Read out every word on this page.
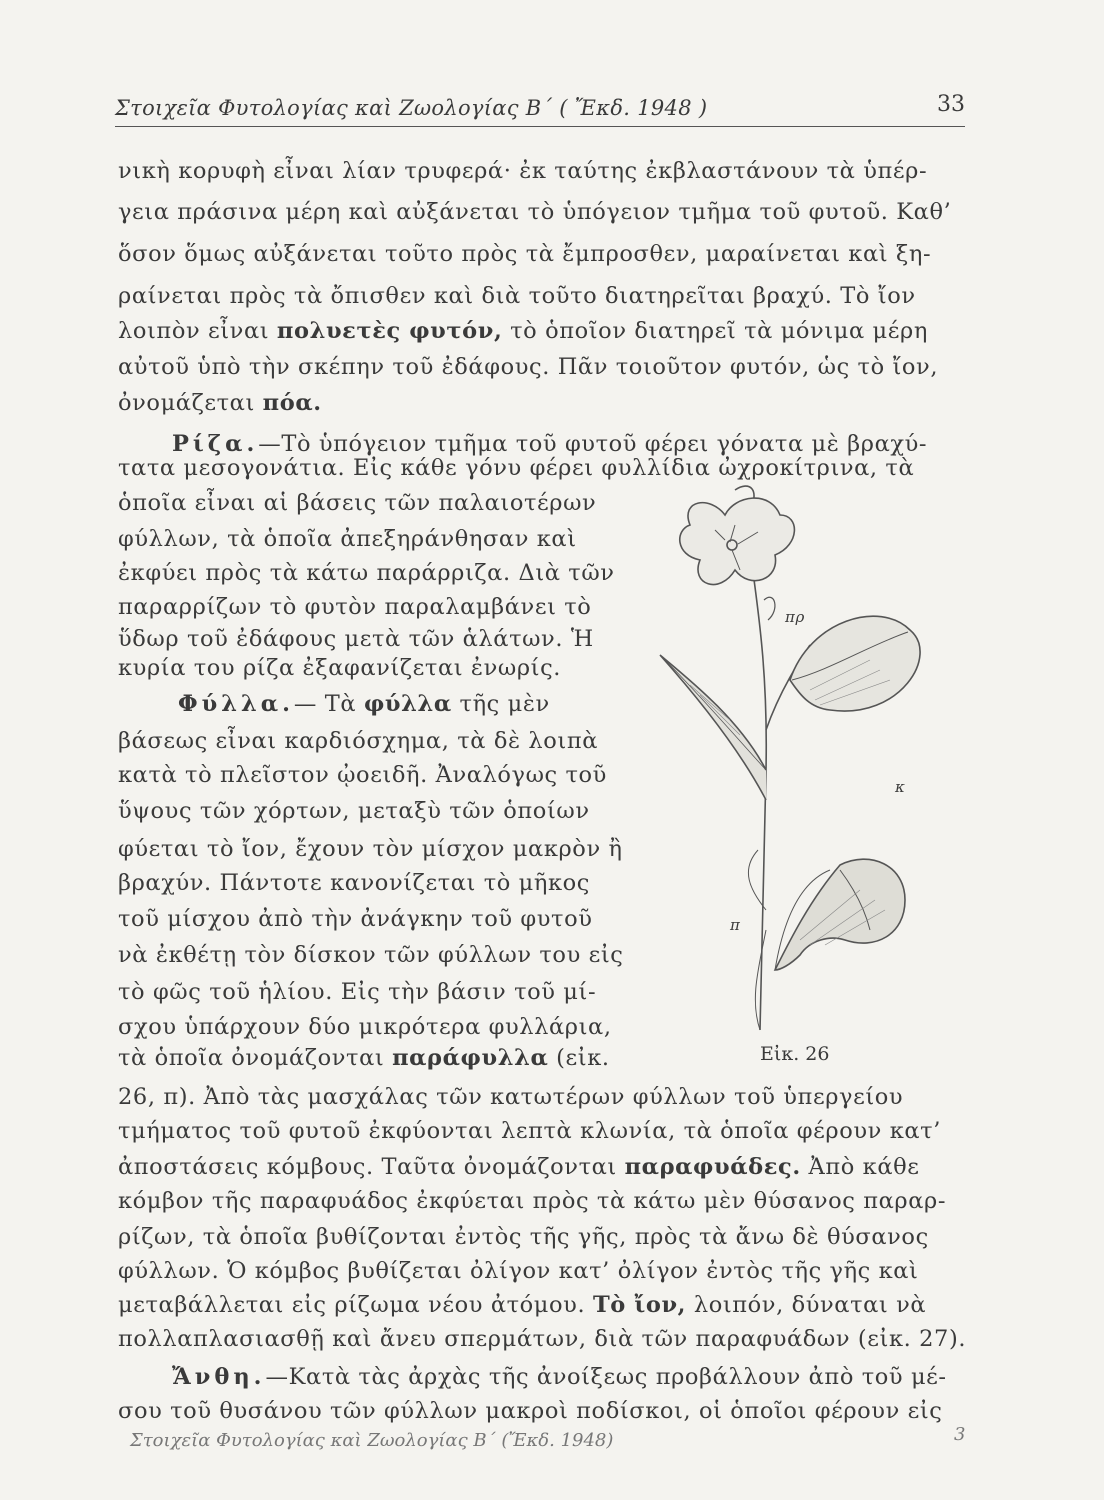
Στοιχεῖα Φυτολογίας καὶ Ζωολογίας Β΄ ( Ἔκδ. 1948 )	33
νικὴ κορυφὴ εἶναι λίαν τρυφερά· ἐκ ταύτης ἐκβλαστάνουν τὰ ὑπέρ-
γεια πράσινα μέρη καὶ αὐξάνεται τὸ ὑπόγειον τμῆμα τοῦ φυτοῦ. Καθ’
ὅσον ὅμως αὐξάνεται τοῦτο πρὸς τὰ ἔμπροσθεν, μαραίνεται καὶ ξη-
ραίνεται πρὸς τὰ ὄπισθεν καὶ διὰ τοῦτο διατηρεῖται βραχύ. Τὸ ἴον
λοιπὸν εἶναι πολυετὲς φυτόν, τὸ ὁποῖον διατηρεῖ τὰ μόνιμα μέρη
αὐτοῦ ὑπὸ τὴν σκέπην τοῦ ἐδάφους. Πᾶν τοιοῦτον φυτόν, ὡς τὸ ἴον,
ὀνομάζεται πόα.
Ρίζα.—Τὸ ὑπόγειον τμῆμα τοῦ φυτοῦ φέρει γόνατα μὲ βραχύ-
τατα μεσογονάτια. Εἰς κάθε γόνυ φέρει φυλλίδια ὠχροκίτρινα, τὰ
ὁποῖα εἶναι αἱ βάσεις τῶν παλαιοτέρων
φύλλων, τὰ ὁποῖα ἀπεξηράνθησαν καὶ
ἐκφύει πρὸς τὰ κάτω παράρριζα. Διὰ τῶν
παραρρίζων τὸ φυτὸν παραλαμβάνει τὸ
ὕδωρ τοῦ ἐδάφους μετὰ τῶν ἁλάτων. Ἡ
κυρία του ρίζα ἐξαφανίζεται ἐνωρίς.
Φύλλα.— Τὰ φύλλα τῆς μὲν
βάσεως εἶναι καρδιόσχημα, τὰ δὲ λοιπὰ
κατὰ τὸ πλεῖστον ᾠοειδῆ. Ἀναλόγως τοῦ
ὕψους τῶν χόρτων, μεταξὺ τῶν ὁποίων
φύεται τὸ ἴον, ἔχουν τὸν μίσχον μακρὸν ἢ
βραχύν. Πάντοτε κανονίζεται τὸ μῆκος
τοῦ μίσχου ἀπὸ τὴν ἀνάγκην τοῦ φυτοῦ
νὰ ἐκθέτῃ τὸν δίσκον τῶν φύλλων του εἰς
τὸ φῶς τοῦ ἡλίου. Εἰς τὴν βάσιν τοῦ μί-
σχου ὑπάρχουν δύο μικρότερα φυλλάρια,
τὰ ὁποῖα ὀνομάζονται παράφυλλα (εἰκ.
26, π). Ἀπὸ τὰς μασχάλας τῶν κατωτέρων φύλλων τοῦ ὑπεργείου
τμήματος τοῦ φυτοῦ ἐκφύονται λεπτὰ κλωνία, τὰ ὁποῖα φέρουν κατ’
ἀποστάσεις κόμβους. Ταῦτα ὀνομάζονται παραφυάδες. Ἀπὸ κάθε
κόμβον τῆς παραφυάδος ἐκφύεται πρὸς τὰ κάτω μὲν θύσανος παραρ-
ρίζων, τὰ ὁποῖα βυθίζονται ἐντὸς τῆς γῆς, πρὸς τὰ ἄνω δὲ θύσανος
φύλλων. Ὁ κόμβος βυθίζεται ὀλίγον κατ’ ὀλίγον ἐντὸς τῆς γῆς καὶ
μεταβάλλεται εἰς ρίζωμα νέου ἀτόμου. Τὸ ἴον, λοιπόν, δύναται νὰ
πολλαπλασιασθῇ καὶ ἄνευ σπερμάτων, διὰ τῶν παραφυάδων (εἰκ. 27).
Ἄνθη.—Κατὰ τὰς ἀρχὰς τῆς ἀνοίξεως προβάλλουν ἀπὸ τοῦ μέ-
σου τοῦ θυσάνου τῶν φύλλων μακροὶ ποδίσκοι, οἱ ὁποῖοι φέρουν εἰς
πρ
κ
π
Εἰκ. 26
Στοιχεῖα Φυτολογίας καὶ Ζωολογίας Β΄ (Ἔκδ. 1948)	3
